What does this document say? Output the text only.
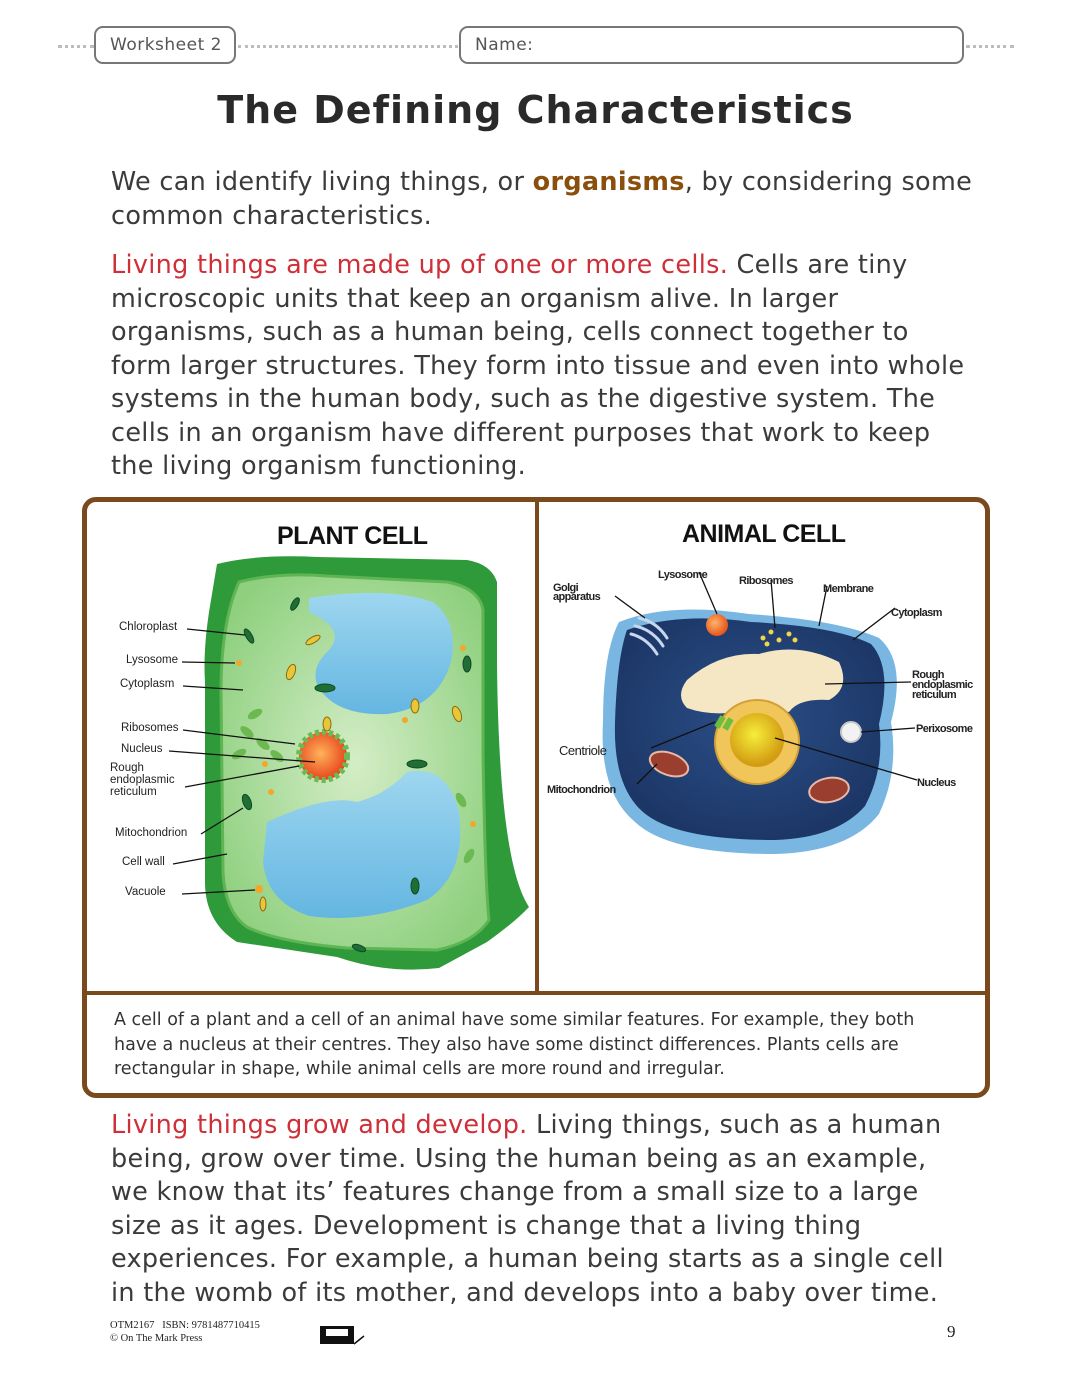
Worksheet 2	Name:
The Defining Characteristics

We can identify living things, or organisms, by considering some common characteristics.

Living things are made up of one or more cells. Cells are tiny microscopic units that keep an organism alive. In larger organisms, such as a human being, cells connect together to form larger structures. They form into tissue and even into whole systems in the human body, such as the digestive system. The cells in an organism have different purposes that work to keep the living organism functioning.

PLANT CELL
Chloroplast
Lysosome
Cytoplasm
Ribosomes
Nucleus
Rough
endoplasmic
reticulum
Mitochondrion
Cell wall
Vacuole
ANIMAL CELL
Golgi
apparatus
Lysosome	Ribosomes
Membrane
Cytoplasm
Rough
endoplasmic
reticulum
Perixosome
Centriole
Mitochondrion
Nucleus

A cell of a plant and a cell of an animal have some similar features. For example, they both have a nucleus at their centres. They also have some distinct differences. Plants cells are rectangular in shape, while animal cells are more round and irregular.

Living things grow and develop. Living things, such as a human being, grow over time. Using the human being as an example, we know that its’ features change from a small size to a large size as it ages. Development is change that a living thing experiences. For example, a human being starts as a single cell in the womb of its mother, and develops into a baby over time.

OTM2167   ISBN: 9781487710415
© On The Mark Press	9
